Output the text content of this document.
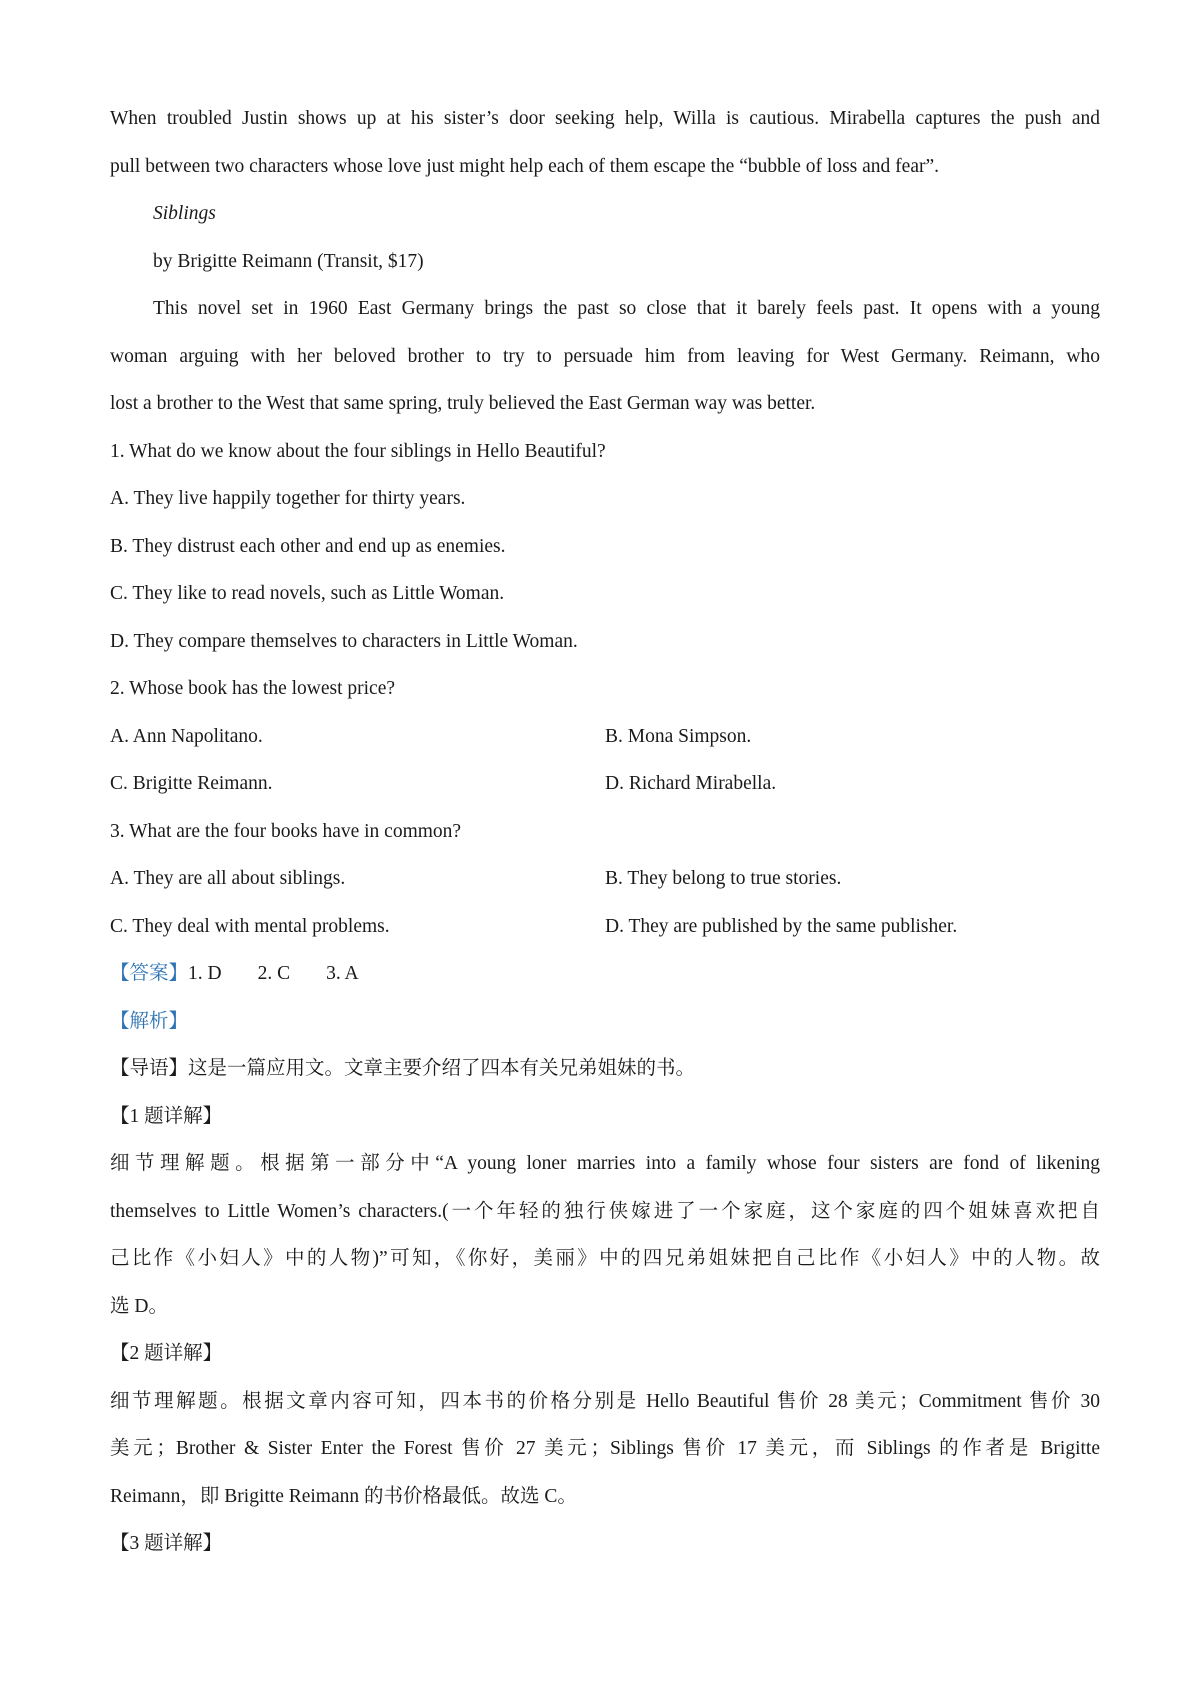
When troubled Justin shows up at his sister’s door seeking help, Willa is cautious. Mirabella captures the push and
pull between two characters whose love just might help each of them escape the “bubble of loss and fear”.
Siblings
by Brigitte Reimann (Transit, $17)
This novel set in 1960 East Germany brings the past so close that it barely feels past. It opens with a young
woman arguing with her beloved brother to try to persuade him from leaving for West Germany. Reimann, who
lost a brother to the West that same spring, truly believed the East German way was better.
1. What do we know about the four siblings in Hello Beautiful?
A. They live happily together for thirty years.
B. They distrust each other and end up as enemies.
C. They like to read novels, such as Little Woman.
D. They compare themselves to characters in Little Woman.
2. Whose book has the lowest price?
A. Ann Napolitano.	B. Mona Simpson.
C. Brigitte Reimann.	D. Richard Mirabella.
3. What are the four books have in common?
A. They are all about siblings.	B. They belong to true stories.
C. They deal with mental problems.	D. They are published by the same publisher.
【答案】1. D 2. C 3. A
【解析】
【导语】这是一篇应用文。文章主要介绍了四本有关兄弟姐妹的书。
【1 题详解】
细节理解题。根据第一部分中“A young loner marries into a family whose four sisters are fond of likening
themselves to Little Women’s characters.(一个年轻的独行侠嫁进了一个家庭，这个家庭的四个姐妹喜欢把自
己比作《小妇人》中的人物)”可知，《你好，美丽》中的四兄弟姐妹把自己比作《小妇人》中的人物。故
选 D。
【2 题详解】
细节理解题。根据文章内容可知，四本书的价格分别是 Hello Beautiful 售价 28 美元；Commitment 售价 30
美元；Brother & Sister Enter the Forest 售价 27 美元；Siblings 售价 17 美元，而 Siblings 的作者是 Brigitte
Reimann，即 Brigitte Reimann 的书价格最低。故选 C。
【3 题详解】
